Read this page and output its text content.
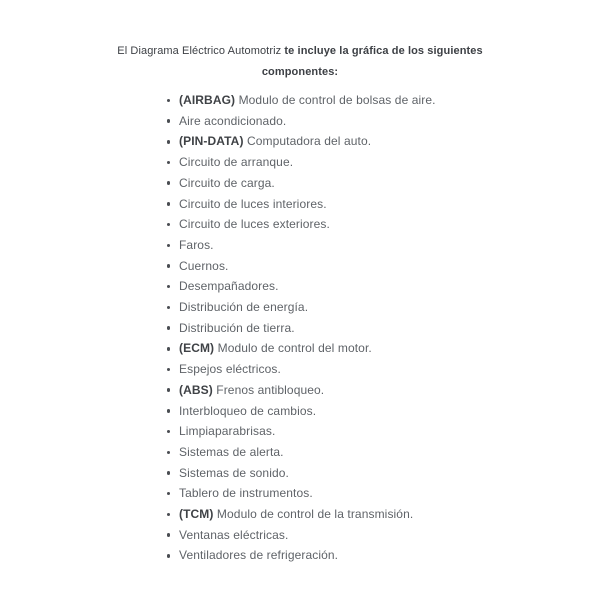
El Diagrama Eléctrico Automotriz te incluye la gráfica de los siguientes
componentes:

(AIRBAG) Modulo de control de bolsas de aire.
Aire acondicionado.
(PIN-DATA) Computadora del auto.
Circuito de arranque.
Circuito de carga.
Circuito de luces interiores.
Circuito de luces exteriores.
Faros.
Cuernos.
Desempañadores.
Distribución de energía.
Distribución de tierra.
(ECM) Modulo de control del motor.
Espejos eléctricos.
(ABS) Frenos antibloqueo.
Interbloqueo de cambios.
Limpiaparabrisas.
Sistemas de alerta.
Sistemas de sonido.
Tablero de instrumentos.
(TCM) Modulo de control de la transmisión.
Ventanas eléctricas.
Ventiladores de refrigeración.
